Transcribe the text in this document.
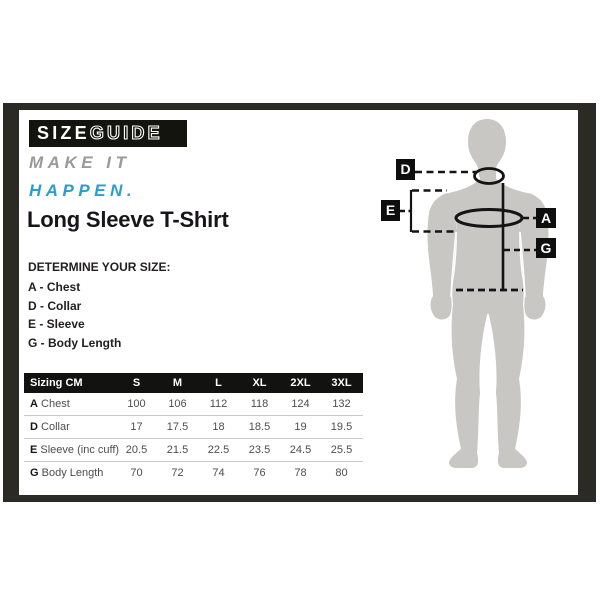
SIZEGUIDE
MAKE IT
HAPPEN.
Long Sleeve T-Shirt
DETERMINE YOUR SIZE:
A - Chest
D - Collar
E - Sleeve
G - Body Length
Sizing CM	S	M	L	XL	2XL	3XL
A Chest	100	106	112	118	124	132
D Collar	17	17.5	18	18.5	19	19.5
E Sleeve (inc cuff) 20.5	21.5	22.5	23.5	24.5	25.5
G Body Length	70	72	74	76	78	80
D
E	A
G
